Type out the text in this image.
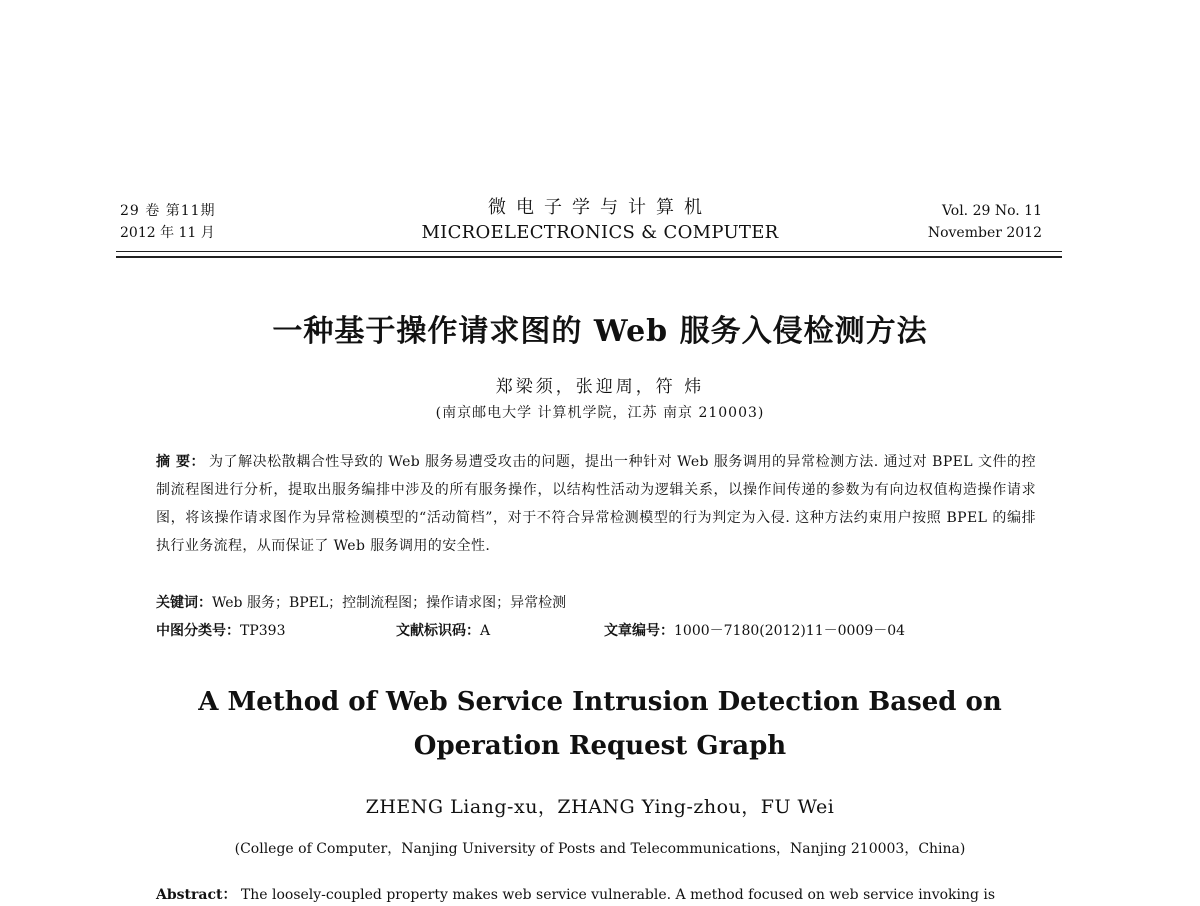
29 卷 第11期
2012 年 11 月
微电子学与计算机
MICROELECTRONICS & COMPUTER
Vol. 29 No. 11
November 2012
一种基于操作请求图的 Web 服务入侵检测方法
郑梁须，张迎周，符 炜
(南京邮电大学 计算机学院，江苏 南京 210003)
摘 要： 为了解决松散耦合性导致的 Web 服务易遭受攻击的问题，提出一种针对 Web 服务调用的异常检测方法. 通过对 BPEL 文件的控制流程图进行分析，提取出服务编排中涉及的所有服务操作，以结构性活动为逻辑关系，以操作间传递的参数为有向边权值构造操作请求图，将该操作请求图作为异常检测模型的“活动简档”，对于不符合异常检测模型的行为判定为入侵. 这种方法约束用户按照 BPEL 的编排执行业务流程，从而保证了 Web 服务调用的安全性.
关键词：Web 服务；BPEL；控制流程图；操作请求图；异常检测
中图分类号：TP393	文献标识码：A	文章编号：1000－7180(2012)11－0009－04
A Method of Web Service Intrusion Detection Based on
Operation Request Graph
ZHENG Liang-xu，ZHANG Ying-zhou，FU Wei
(College of Computer，Nanjing University of Posts and Telecommunications，Nanjing 210003，China)
Abstract： The loosely-coupled property makes web service vulnerable. A method focused on web service invoking is
